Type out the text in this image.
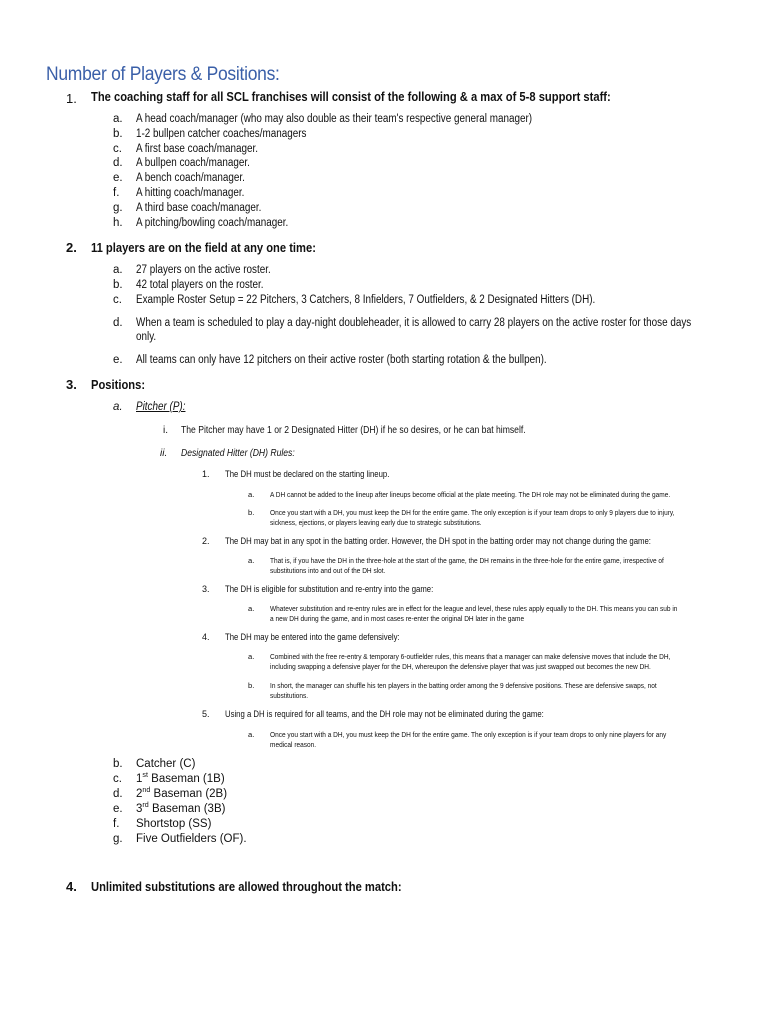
Number of Players & Positions:
1. The coaching staff for all SCL franchises will consist of the following & a max of 5-8 support staff:
a. A head coach/manager (who may also double as their team's respective general manager)
b. 1-2 bullpen catcher coaches/managers
c. A first base coach/manager.
d. A bullpen coach/manager.
e. A bench coach/manager.
f. A hitting coach/manager.
g. A third base coach/manager.
h. A pitching/bowling coach/manager.
2. 11 players are on the field at any one time:
a. 27 players on the active roster.
b. 42 total players on the roster.
c. Example Roster Setup = 22 Pitchers, 3 Catchers, 8 Infielders, 7 Outfielders, & 2 Designated Hitters (DH).
d. When a team is scheduled to play a day-night doubleheader, it is allowed to carry 28 players on the active roster for those days
only.
e. All teams can only have 12 pitchers on their active roster (both starting rotation & the bullpen).
3. Positions:
a. Pitcher (P):
i. The Pitcher may have 1 or 2 Designated Hitter (DH) if he so desires, or he can bat himself.
ii. Designated Hitter (DH) Rules:
1. The DH must be declared on the starting lineup.
a. A DH cannot be added to the lineup after lineups become official at the plate meeting. The DH role may not be eliminated during the game.
b. Once you start with a DH, you must keep the DH for the entire game. The only exception is if your team drops to only 9 players due to injury,
sickness, ejections, or players leaving early due to strategic substitutions.
2. The DH may bat in any spot in the batting order. However, the DH spot in the batting order may not change during the game:
a. That is, if you have the DH in the three-hole at the start of the game, the DH remains in the three-hole for the entire game, irrespective of
substitutions into and out of the DH slot.
3. The DH is eligible for substitution and re-entry into the game:
a. Whatever substitution and re-entry rules are in effect for the league and level, these rules apply equally to the DH. This means you can sub in
a new DH during the game, and in most cases re-enter the original DH later in the game
4. The DH may be entered into the game defensively:
a. Combined with the free re-entry & temporary 6-outfielder rules, this means that a manager can make defensive moves that include the DH,
including swapping a defensive player for the DH, whereupon the defensive player that was just swapped out becomes the new DH.
b. In short, the manager can shuffle his ten players in the batting order among the 9 defensive positions. These are defensive swaps, not
substitutions.
5. Using a DH is required for all teams, and the DH role may not be eliminated during the game:
a. Once you start with a DH, you must keep the DH for the entire game. The only exception is if your team drops to only nine players for any
medical reason.
b. Catcher (C)
c. 1st Baseman (1B)
d. 2nd Baseman (2B)
e. 3rd Baseman (3B)
f. Shortstop (SS)
g. Five Outfielders (OF).
4. Unlimited substitutions are allowed throughout the match:
